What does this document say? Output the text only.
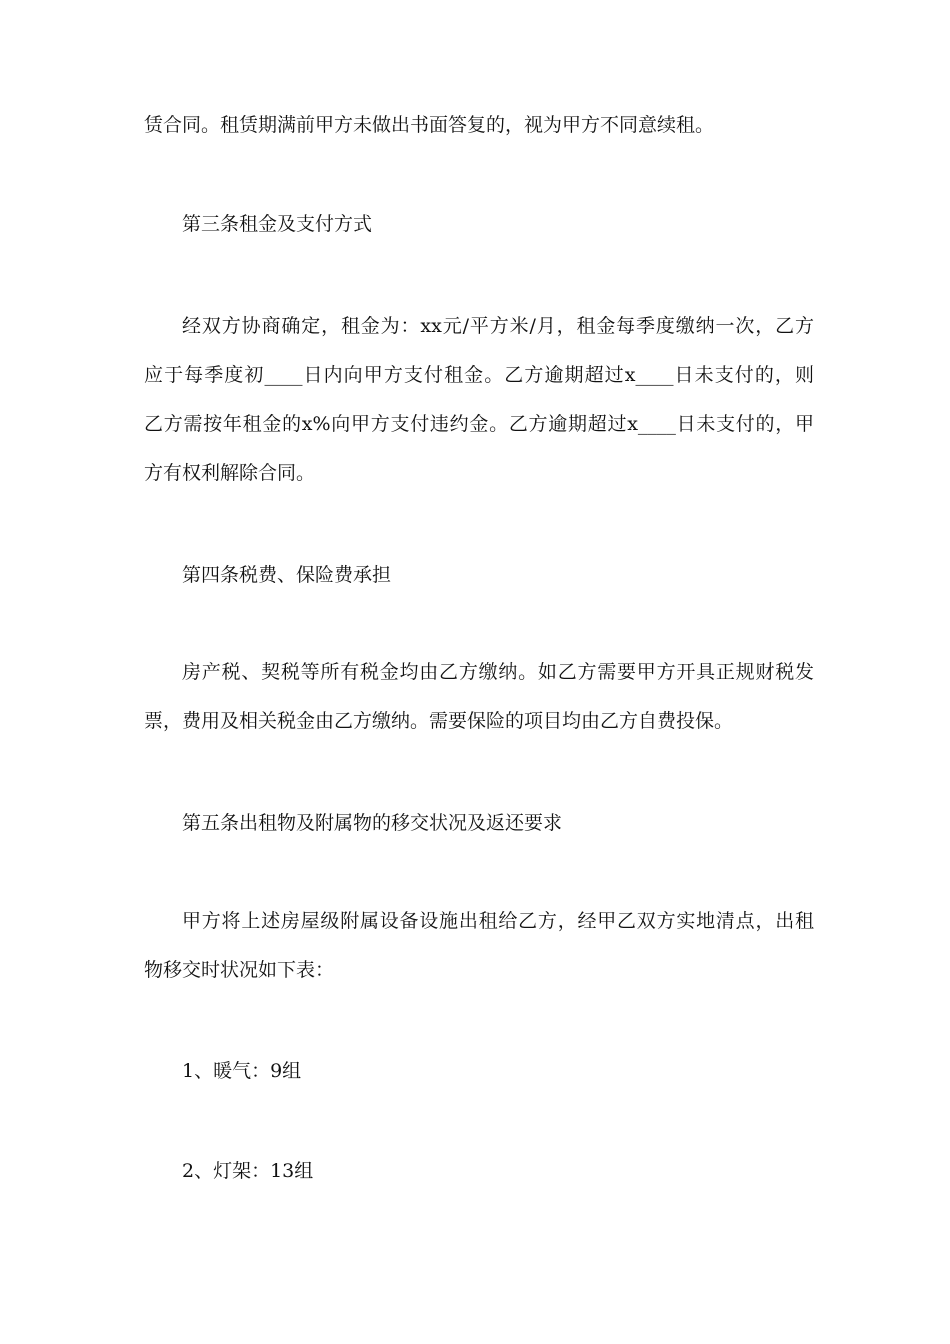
赁合同。租赁期满前甲方未做出书面答复的，视为甲方不同意续租。
第三条租金及支付方式
经双方协商确定，租金为：xx元/平方米/月，租金每季度缴纳一次，乙方
应于每季度初____日内向甲方支付租金。乙方逾期超过x____日未支付的，则
乙方需按年租金的x%向甲方支付违约金。乙方逾期超过x____日未支付的，甲
方有权利解除合同。
第四条税费、保险费承担
房产税、契税等所有税金均由乙方缴纳。如乙方需要甲方开具正规财税发
票，费用及相关税金由乙方缴纳。需要保险的项目均由乙方自费投保。
第五条出租物及附属物的移交状况及返还要求
甲方将上述房屋级附属设备设施出租给乙方，经甲乙双方实地清点，出租
物移交时状况如下表：
1、暖气：9组
2、灯架：13组
